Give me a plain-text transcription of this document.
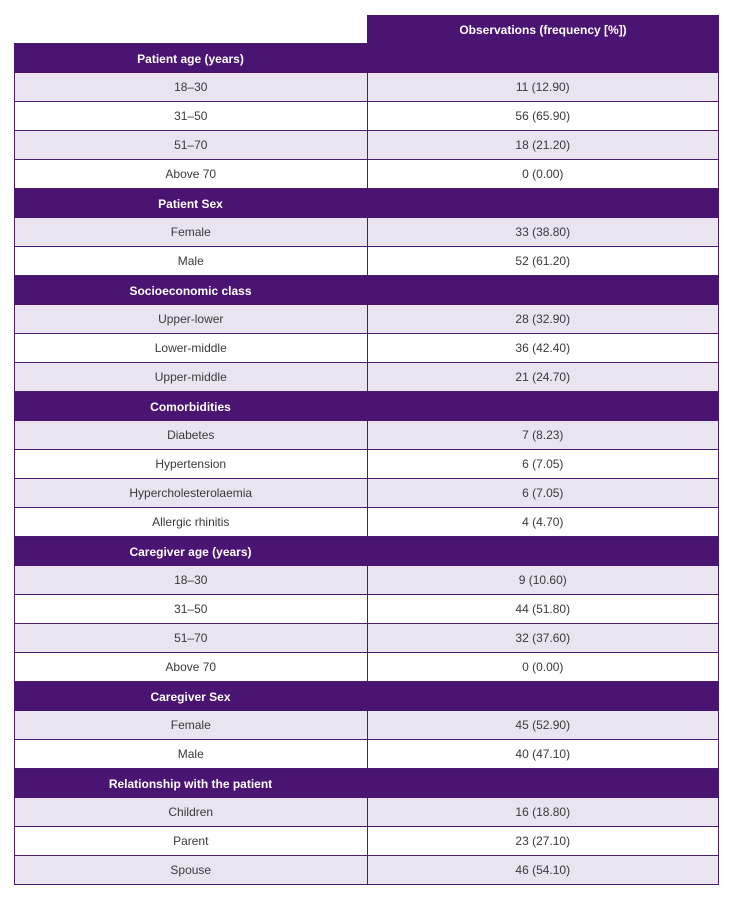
Observations (frequency [%])
Patient age (years)
18–30	11 (12.90)
31–50	56 (65.90)
51–70	18 (21.20)
Above 70	0 (0.00)
Patient Sex
Female	33 (38.80)
Male	52 (61.20)
Socioeconomic class
Upper-lower	28 (32.90)
Lower-middle	36 (42.40)
Upper-middle	21 (24.70)
Comorbidities
Diabetes	7 (8.23)
Hypertension	6 (7.05)
Hypercholesterolaemia	6 (7.05)
Allergic rhinitis	4 (4.70)
Caregiver age (years)
18–30	9 (10.60)
31–50	44 (51.80)
51–70	32 (37.60)
Above 70	0 (0.00)
Caregiver Sex
Female	45 (52.90)
Male	40 (47.10)
Relationship with the patient
Children	16 (18.80)
Parent	23 (27.10)
Spouse	46 (54.10)
